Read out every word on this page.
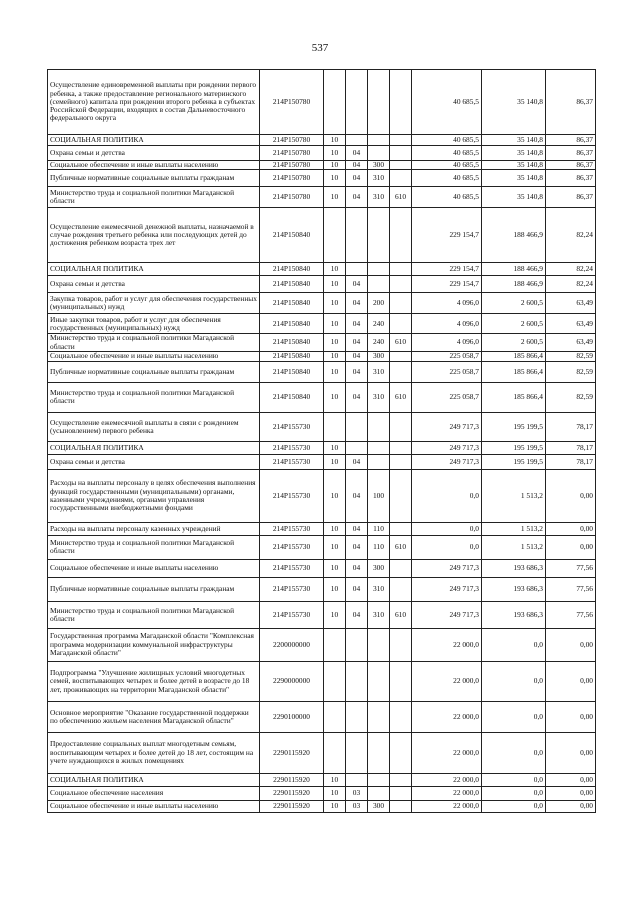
537
Осуществление единовременной выплаты при рождении первого ребенка, а также предоставление регионального материнского (семейного) капитала при рождении второго ребенка в субъектах Российской Федерации, входящих в состав Дальневосточного федерального округа	214P150780					40 685,5	35 140,8	86,37
СОЦИАЛЬНАЯ ПОЛИТИКА	214P150780	10				40 685,5	35 140,8	86,37
Охрана семьи и детства	214P150780	10	04			40 685,5	35 140,8	86,37
Социальное обеспечение и иные выплаты населению	214P150780	10	04	300		40 685,5	35 140,8	86,37
Публичные нормативные социальные выплаты гражданам	214P150780	10	04	310		40 685,5	35 140,8	86,37
Министерство труда и социальной политики Магаданской области	214P150780	10	04	310	610	40 685,5	35 140,8	86,37
Осуществление ежемесячной денежной выплаты, назначаемой в случае рождения третьего ребенка или последующих детей до достижения ребенком возраста трех лет	214P150840					229 154,7	188 466,9	82,24
СОЦИАЛЬНАЯ ПОЛИТИКА	214P150840	10				229 154,7	188 466,9	82,24
Охрана семьи и детства	214P150840	10	04			229 154,7	188 466,9	82,24
Закупка товаров, работ и услуг для обеспечения государственных (муниципальных) нужд	214P150840	10	04	200		4 096,0	2 600,5	63,49
Иные закупки товаров, работ и услуг для обеспечения государственных (муниципальных) нужд	214P150840	10	04	240		4 096,0	2 600,5	63,49
Министерство труда и социальной политики Магаданской области	214P150840	10	04	240	610	4 096,0	2 600,5	63,49
Социальное обеспечение и иные выплаты населению	214P150840	10	04	300		225 058,7	185 866,4	82,59
Публичные нормативные социальные выплаты гражданам	214P150840	10	04	310		225 058,7	185 866,4	82,59
Министерство труда и социальной политики Магаданской области	214P150840	10	04	310	610	225 058,7	185 866,4	82,59
Осуществление ежемесячной выплаты в связи с рождением (усыновлением) первого ребенка	214P155730					249 717,3	195 199,5	78,17
СОЦИАЛЬНАЯ ПОЛИТИКА	214P155730	10				249 717,3	195 199,5	78,17
Охрана семьи и детства	214P155730	10	04			249 717,3	195 199,5	78,17
Расходы на выплаты персоналу в целях обеспечения выполнения функций государственными (муниципальными) органами, казенными учреждениями, органами управления государственными внебюджетными фондами	214P155730	10	04	100		0,0	1 513,2	0,00
Расходы на выплаты персоналу казенных учреждений	214P155730	10	04	110		0,0	1 513,2	0,00
Министерство труда и социальной политики Магаданской области	214P155730	10	04	110	610	0,0	1 513,2	0,00
Социальное обеспечение и иные выплаты населению	214P155730	10	04	300		249 717,3	193 686,3	77,56
Публичные нормативные социальные выплаты гражданам	214P155730	10	04	310		249 717,3	193 686,3	77,56
Министерство труда и социальной политики Магаданской области	214P155730	10	04	310	610	249 717,3	193 686,3	77,56
Государственная программа Магаданской области "Комплексная программа модернизации коммунальной инфраструктуры Магаданской области"	2200000000					22 000,0	0,0	0,00
Подпрограмма "Улучшение жилищных условий многодетных семей, воспитывающих четырех и более детей в возрасте до 18 лет, проживающих на территории Магаданской области"	2290000000					22 000,0	0,0	0,00
Основное мероприятие "Оказание государственной поддержки по обеспечению жильем населения Магаданской области"	2290100000					22 000,0	0,0	0,00
Предоставление социальных выплат многодетным семьям, воспитывающим четырех и более детей до 18 лет, состоящим на учете нуждающихся в жилых помещениях	2290115920					22 000,0	0,0	0,00
СОЦИАЛЬНАЯ ПОЛИТИКА	2290115920	10				22 000,0	0,0	0,00
Социальное обеспечение населения	2290115920	10	03			22 000,0	0,0	0,00
Социальное обеспечение и иные выплаты населению	2290115920	10	03	300		22 000,0	0,0	0,00
